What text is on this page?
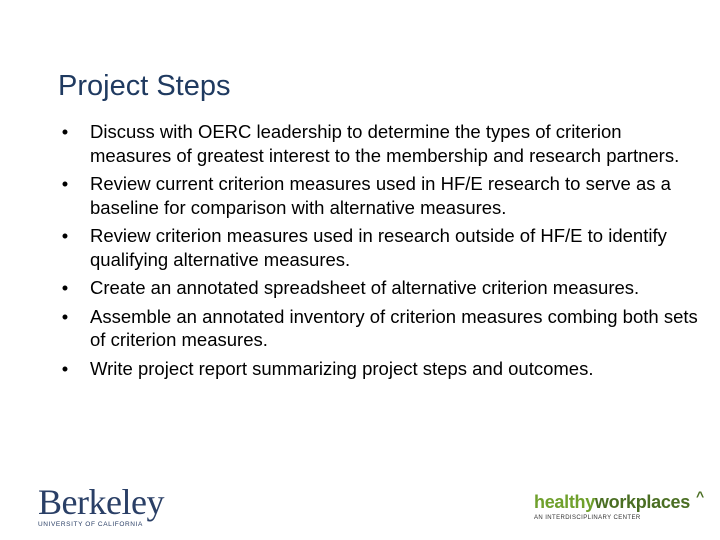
Project Steps
• Discuss with OERC leadership to determine the types of criterion measures of greatest interest to the membership and research partners.
• Review current criterion measures used in HF/E research to serve as a baseline for comparison with alternative measures.
• Review criterion measures used in research outside of HF/E to identify qualifying alternative measures.
• Create an annotated spreadsheet of alternative criterion measures.
• Assemble an annotated inventory of criterion measures combing both sets of criterion measures.
• Write project report summarizing project steps and outcomes.
Berkeley
UNIVERSITY OF CALIFORNIA
healthyworkplaces ^
AN INTERDISCIPLINARY CENTER
